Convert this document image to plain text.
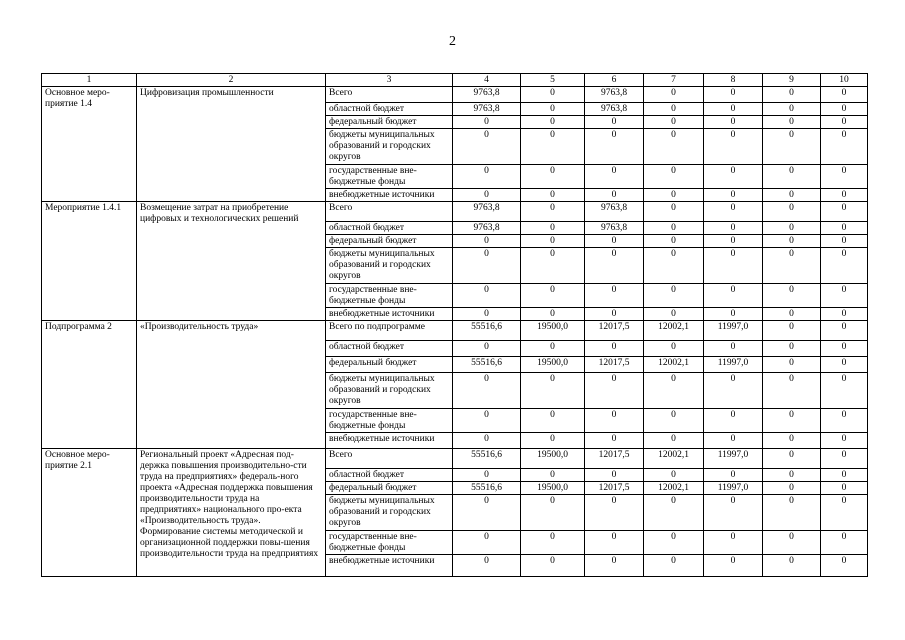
2
1	2	3	4	5	6	7	8	9	10
Основное меро-приятие 1.4	Цифровизация промышленности	Всего	9763,8	0	9763,8	0	0	0	0
		областной бюджет	9763,8	0	9763,8	0	0	0	0
		федеральный бюджет	0	0	0	0	0	0	0
		бюджеты муниципальных образований и городских округов	0	0	0	0	0	0	0
		государственные вне-бюджетные фонды	0	0	0	0	0	0	0
		внебюджетные источники	0	0	0	0	0	0	0
Мероприятие 1.4.1	Возмещение затрат на приобретение цифровых и технологических решений	Всего	9763,8	0	9763,8	0	0	0	0
		областной бюджет	9763,8	0	9763,8	0	0	0	0
		федеральный бюджет	0	0	0	0	0	0	0
		бюджеты муниципальных образований и городских округов	0	0	0	0	0	0	0
		государственные вне-бюджетные фонды	0	0	0	0	0	0	0
		внебюджетные источники	0	0	0	0	0	0	0
Подпрограмма 2	«Производительность труда»	Всего по подпрограмме	55516,6	19500,0	12017,5	12002,1	11997,0	0	0
		областной бюджет	0	0	0	0	0	0	0
		федеральный бюджет	55516,6	19500,0	12017,5	12002,1	11997,0	0	0
		бюджеты муниципальных образований и городских округов	0	0	0	0	0	0	0
		государственные вне-бюджетные фонды	0	0	0	0	0	0	0
		внебюджетные источники	0	0	0	0	0	0	0
Основное меро-приятие 2.1	Региональный проект «Адресная под-держка повышения производительно-сти труда на предприятиях» федераль-ного проекта «Адресная поддержка повышения производительности труда на предприятиях» национального про-екта «Производительность труда». Формирование системы методической и организационной поддержки повы-шения производительности труда на предприятиях	Всего	55516,6	19500,0	12017,5	12002,1	11997,0	0	0
		областной бюджет	0	0	0	0	0	0	0
		федеральный бюджет	55516,6	19500,0	12017,5	12002,1	11997,0	0	0
		бюджеты муниципальных образований и городских округов	0	0	0	0	0	0	0
		государственные вне-бюджетные фонды	0	0	0	0	0	0	0
		внебюджетные источники	0	0	0	0	0	0	0
